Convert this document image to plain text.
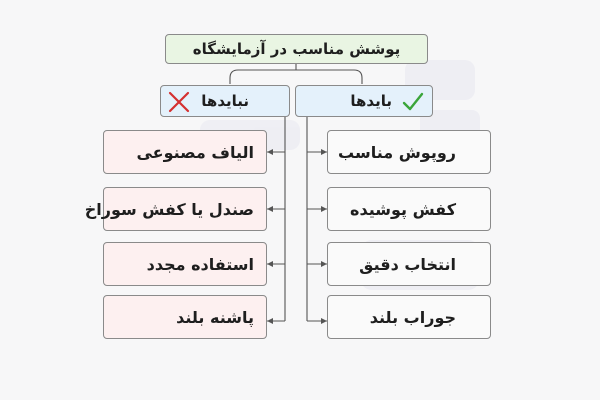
پوشش مناسب در آزمایشگاه
بایدها
نبایدها
روپوش مناسب
کفش پوشیده
انتخاب دقیق
جوراب بلند
الیاف مصنوعی
صندل یا کفش سوراخ
استفاده مجدد
پاشنه بلند
